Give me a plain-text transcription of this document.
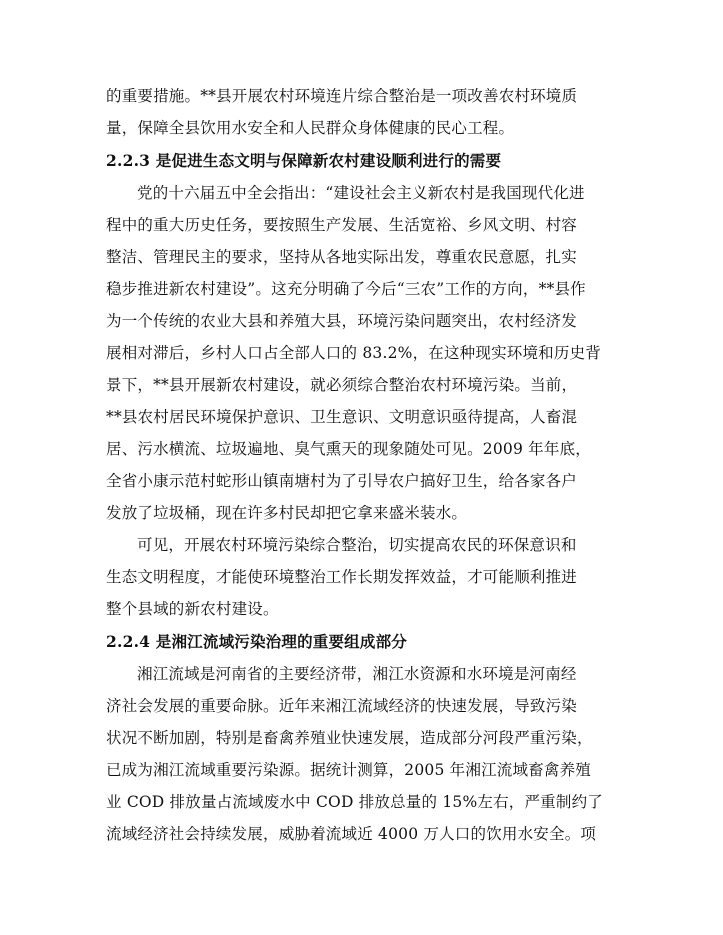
的重要措施。**县开展农村环境连片综合整治是一项改善农村环境质
量，保障全县饮用水安全和人民群众身体健康的民心工程。
2.2.3 是促进生态文明与保障新农村建设顺利进行的需要
党的十六届五中全会指出：“建设社会主义新农村是我国现代化进
程中的重大历史任务，要按照生产发展、生活宽裕、乡风文明、村容
整洁、管理民主的要求，坚持从各地实际出发，尊重农民意愿，扎实
稳步推进新农村建设”。这充分明确了今后“三农”工作的方向，**县作
为一个传统的农业大县和养殖大县，环境污染问题突出，农村经济发
展相对滞后，乡村人口占全部人口的 83.2%，在这种现实环境和历史背
景下，**县开展新农村建设，就必须综合整治农村环境污染。当前，
**县农村居民环境保护意识、卫生意识、文明意识亟待提高，人畜混
居、污水横流、垃圾遍地、臭气熏天的现象随处可见。2009 年年底，
全省小康示范村蛇形山镇南塘村为了引导农户搞好卫生，给各家各户
发放了垃圾桶，现在许多村民却把它拿来盛米装水。
可见，开展农村环境污染综合整治，切实提高农民的环保意识和
生态文明程度，才能使环境整治工作长期发挥效益，才可能顺利推进
整个县域的新农村建设。
2.2.4 是湘江流域污染治理的重要组成部分
湘江流域是河南省的主要经济带，湘江水资源和水环境是河南经
济社会发展的重要命脉。近年来湘江流域经济的快速发展，导致污染
状况不断加剧，特别是畜禽养殖业快速发展，造成部分河段严重污染，
已成为湘江流域重要污染源。据统计测算，2005 年湘江流域畜禽养殖
业 COD 排放量占流域废水中 COD 排放总量的 15%左右，严重制约了
流域经济社会持续发展，威胁着流域近 4000 万人口的饮用水安全。项
